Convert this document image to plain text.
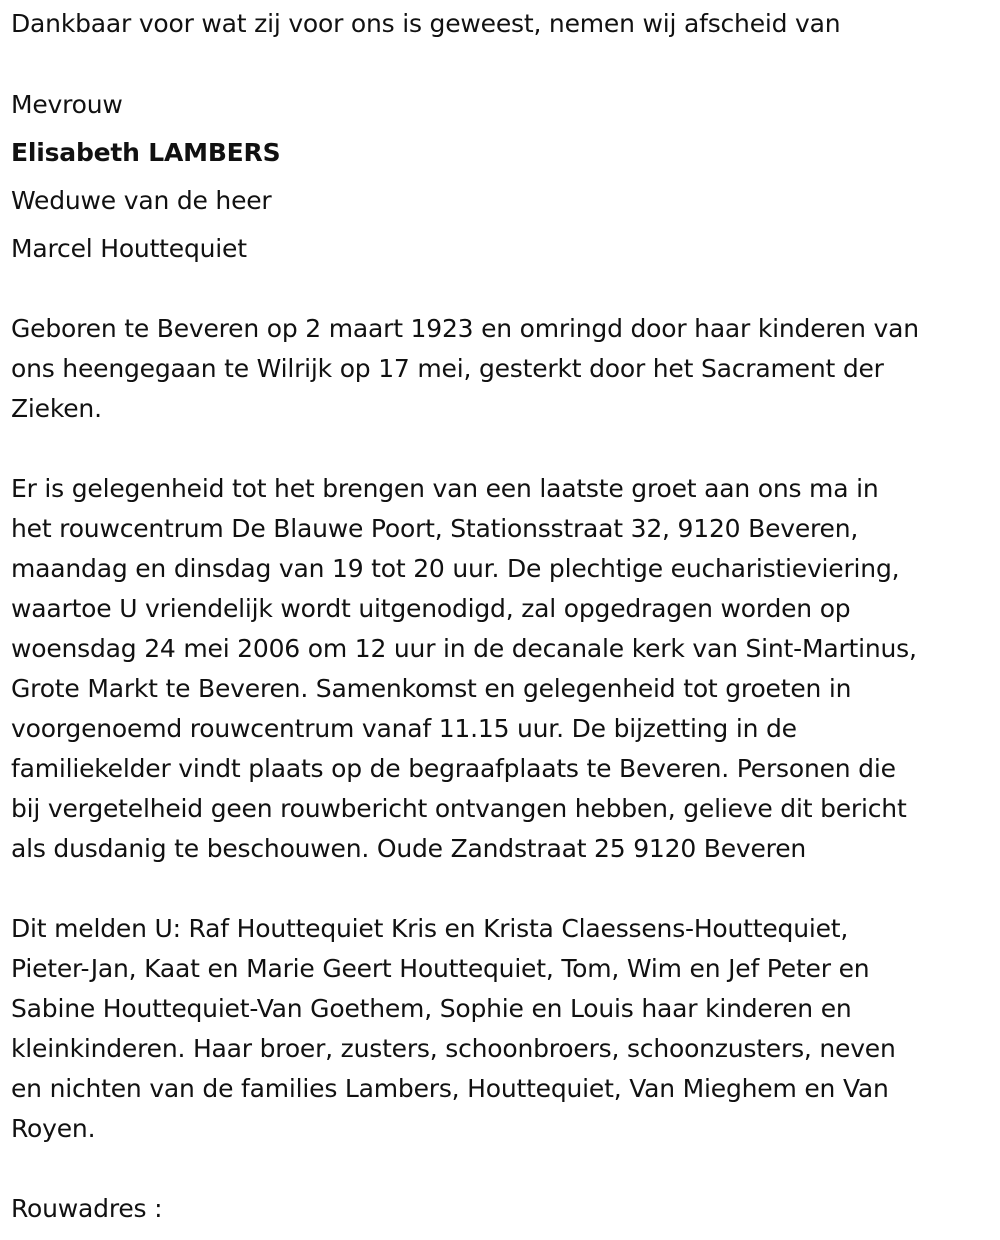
Dankbaar voor wat zij voor ons is geweest, nemen wij afscheid van
Mevrouw
Elisabeth LAMBERS
Weduwe van de heer
Marcel Houttequiet
Geboren te Beveren op 2 maart 1923 en omringd door haar kinderen van
ons heengegaan te Wilrijk op 17 mei, gesterkt door het Sacrament der
Zieken.
Er is gelegenheid tot het brengen van een laatste groet aan ons ma in
het rouwcentrum De Blauwe Poort, Stationsstraat 32, 9120 Beveren,
maandag en dinsdag van 19 tot 20 uur. De plechtige eucharistieviering,
waartoe U vriendelijk wordt uitgenodigd, zal opgedragen worden op
woensdag 24 mei 2006 om 12 uur in de decanale kerk van Sint-Martinus,
Grote Markt te Beveren. Samenkomst en gelegenheid tot groeten in
voorgenoemd rouwcentrum vanaf 11.15 uur. De bijzetting in de
familiekelder vindt plaats op de begraafplaats te Beveren. Personen die
bij vergetelheid geen rouwbericht ontvangen hebben, gelieve dit bericht
als dusdanig te beschouwen. Oude Zandstraat 25 9120 Beveren
Dit melden U: Raf Houttequiet Kris en Krista Claessens-Houttequiet,
Pieter-Jan, Kaat en Marie Geert Houttequiet, Tom, Wim en Jef Peter en
Sabine Houttequiet-Van Goethem, Sophie en Louis haar kinderen en
kleinkinderen. Haar broer, zusters, schoonbroers, schoonzusters, neven
en nichten van de families Lambers, Houttequiet, Van Mieghem en Van
Royen.
Rouwadres :
